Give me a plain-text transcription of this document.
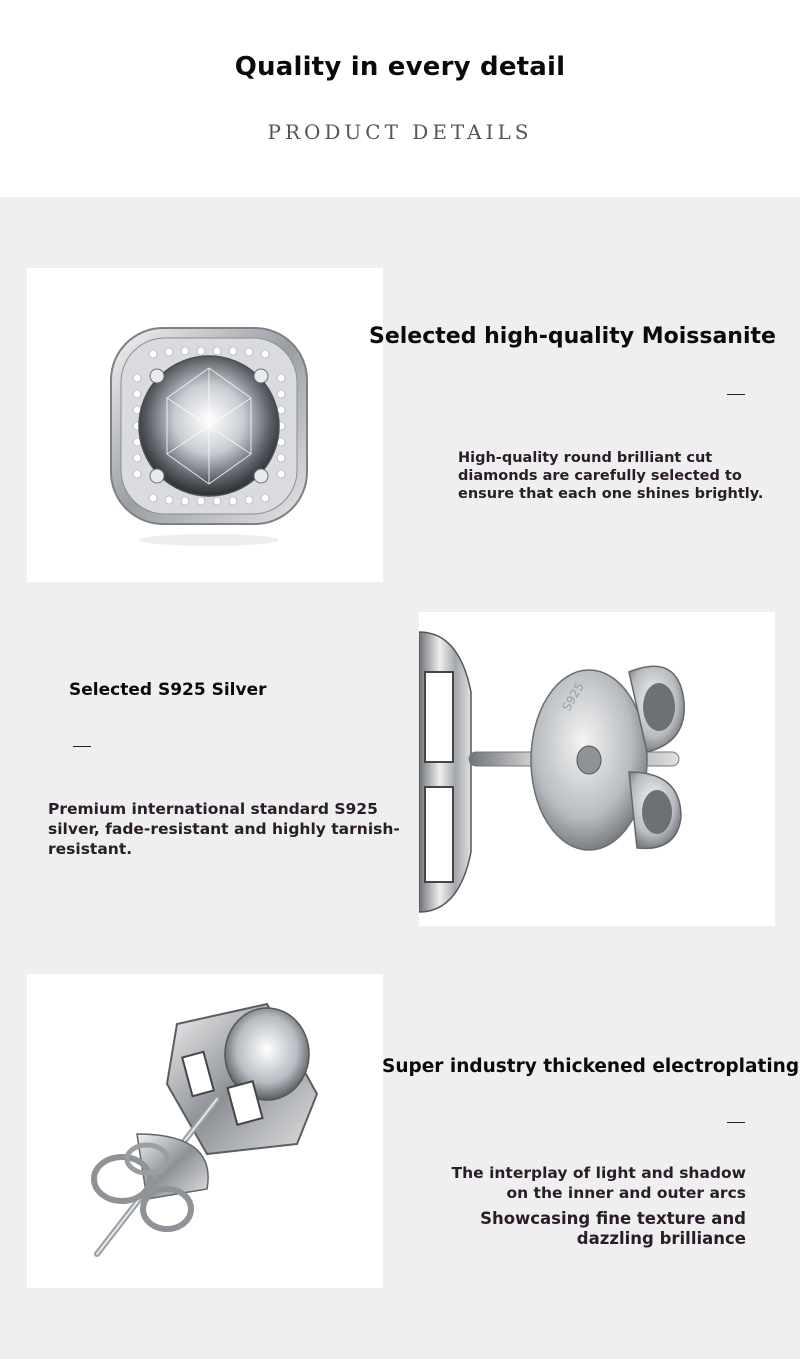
Quality in every detail
PRODUCT DETAILS
Selected high-quality Moissanite
High-quality round brilliant cut
diamonds are carefully selected to
ensure that each one shines brightly.
Selected S925 Silver
Premium international standard S925
silver, fade-resistant and highly tarnish-
resistant.
S925
Super industry thickened electroplating
The interplay of light and shadow
on the inner and outer arcs
Showcasing fine texture and
dazzling brilliance
